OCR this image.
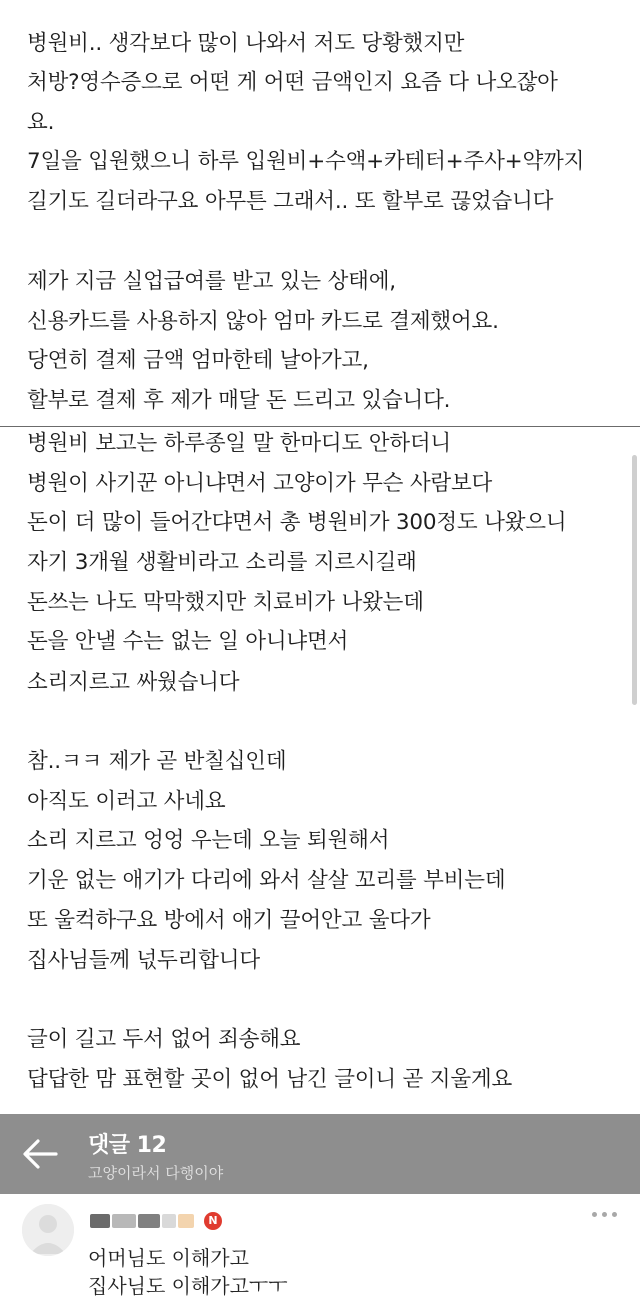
병원비.. 생각보다 많이 나와서 저도 당황했지만
처방?영수증으로 어떤 게 어떤 금액인지 요즘 다 나오잖아
요.
7일을 입원했으니 하루 입원비+수액+카테터+주사+약까지
길기도 길더라구요 아무튼 그래서.. 또 할부로 끊었습니다
제가 지금 실업급여를 받고 있는 상태에,
신용카드를 사용하지 않아 엄마 카드로 결제했어요.
당연히 결제 금액 엄마한테 날아가고,
할부로 결제 후 제가 매달 돈 드리고 있습니다.
병원비 보고는 하루종일 말 한마디도 안하더니
병원이 사기꾼 아니냐면서 고양이가 무슨 사람보다
돈이 더 많이 들어간댜면서 총 병원비가 300정도 나왔으니
자기 3개월 생활비라고 소리를 지르시길래
돈쓰는 나도 막막했지만 치료비가 나왔는데
돈을 안낼 수는 없는 일 아니냐면서
소리지르고 싸웠습니다
참..ㅋㅋ 제가 곧 반칠십인데
아직도 이러고 사네요
소리 지르고 엉엉 우는데 오늘 퇴원해서
기운 없는 애기가 다리에 와서 살살 꼬리를 부비는데
또 울컥하구요 방에서 애기 끌어안고 울다가
집사님들께 넋두리합니다
글이 길고 두서 없어 죄송해요
답답한 맘 표현할 곳이 없어 남긴 글이니 곧 지울게요
댓글 12
고양이라서 다행이야
N
어머님도 이해가고
집사님도 이해가고ㅜㅜ
